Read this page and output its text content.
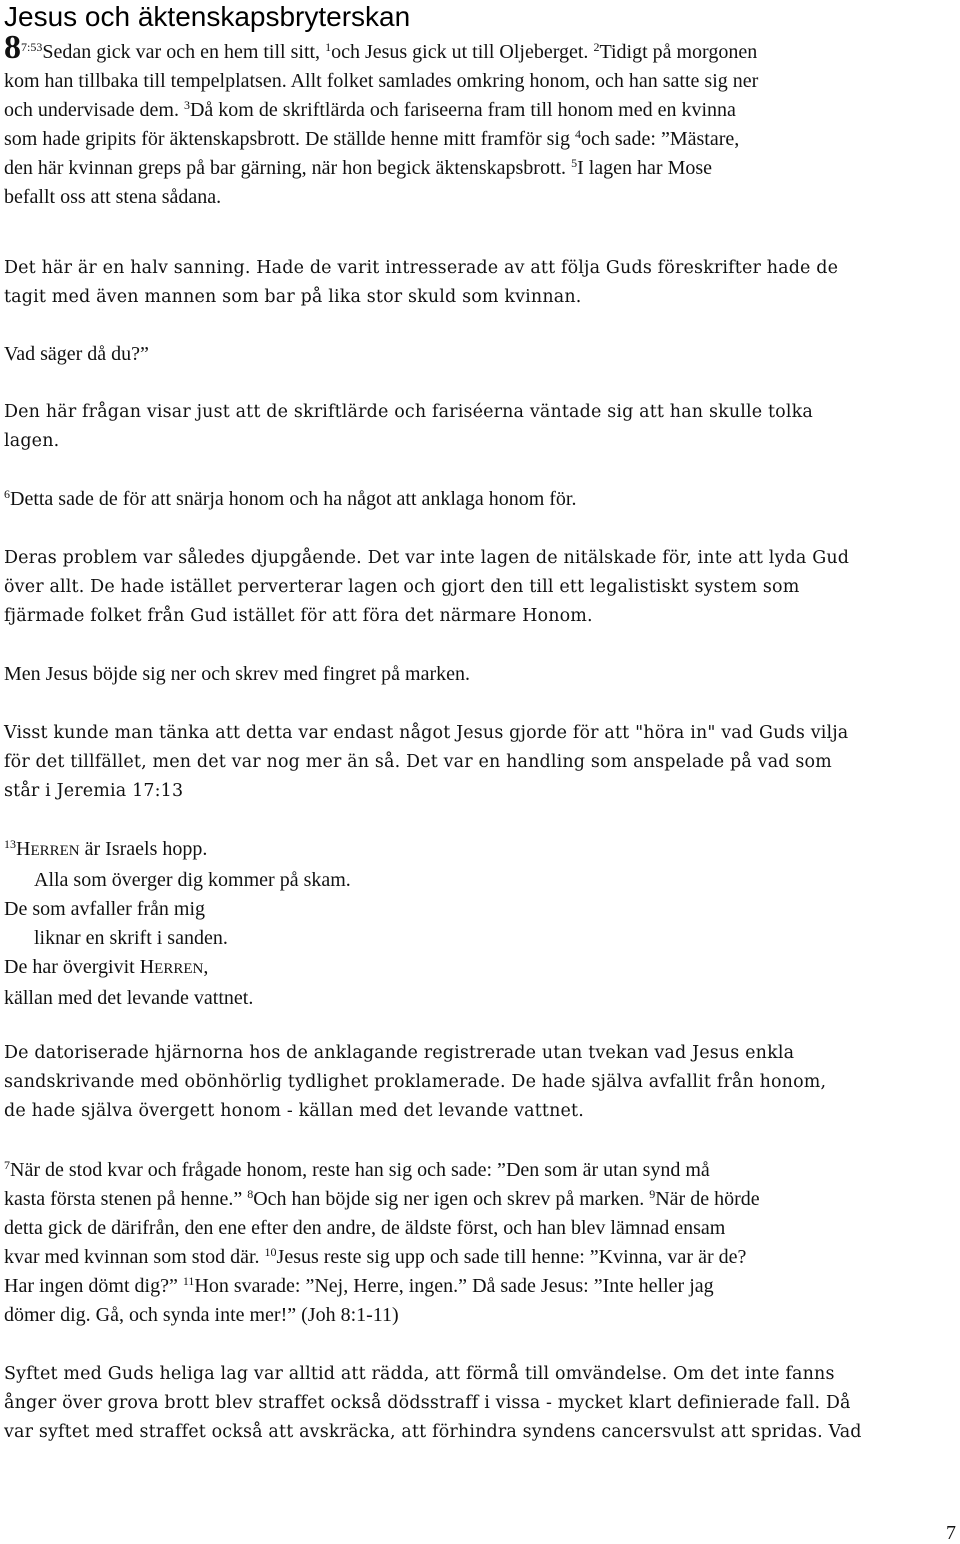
Jesus och äktenskapsbryterskan
$8^{7:53}Sedan$ gick var och en hem till sitt, $^1$och Jesus gick ut till Oljeberget. $^2$Tidigt på morgonen
kom han tillbaka till tempelplatsen. Allt folket samlades omkring honom, och han satte sig ner
och undervisade dem. $^3$Då kom de skriftlärda och fariseerna fram till honom med en kvinna
som hade gripits för äktenskapsbrott. De ställde henne mitt framför sig $^4$och sade: ”Mästare,
den här kvinnan greps på bar gärning, när hon begick äktenskapsbrott. $^5$I lagen har Mose
befallt oss att stena sådana.
Det här är en halv sanning. Hade de varit intresserade av att följa Guds föreskrifter hade de
tagit med även mannen som bar på lika stor skuld som kvinnan.
Vad säger då du?”
Den här frågan visar just att de skriftlärde och fariséerna väntade sig att han skulle tolka
lagen.
$^6$Detta sade de för att snärja honom och ha något att anklaga honom för.
Deras problem var således djupgående. Det var inte lagen de nitälskade för, inte att lyda Gud
över allt. De hade istället perverterar lagen och gjort den till ett legalistiskt system som
fjärmade folket från Gud istället för att föra det närmare Honom.
Men Jesus böjde sig ner och skrev med fingret på marken.
Visst kunde man tänka att detta var endast något Jesus gjorde för att "höra in" vad Guds vilja
för det tillfället, men det var nog mer än så. Det var en handling som anspelade på vad som
står i Jeremia 17:13
$^{13}$HERREN är Israels hopp.
Alla som överger dig kommer på skam.
De som avfaller från mig
liknar en skrift i sanden.
De har övergivit HERREN,
källan med det levande vattnet.
De datoriserade hjärnorna hos de anklagande registrerade utan tvekan vad Jesus enkla
sandskrivande med obönhörlig tydlighet proklamerade. De hade själva avfallit från honom,
de hade själva övergett honom - källan med det levande vattnet.
$^7$När de stod kvar och frågade honom, reste han sig och sade: ”Den som är utan synd må
kasta första stenen på henne.” $^8$Och han böjde sig ner igen och skrev på marken. $^9$När de hörde
detta gick de därifrån, den ene efter den andre, de äldste först, och han blev lämnad ensam
kvar med kvinnan som stod där. $^{10}$Jesus reste sig upp och sade till henne: ”Kvinna, var är de?
Har ingen dömt dig?” $^{11}$Hon svarade: ”Nej, Herre, ingen.” Då sade Jesus: ”Inte heller jag
dömer dig. Gå, och synda inte mer!” (Joh 8:1-11)
Syftet med Guds heliga lag var alltid att rädda, att förmå till omvändelse. Om det inte fanns
ånger över grova brott blev straffet också dödsstraff i vissa - mycket klart definierade fall. Då
var syftet med straffet också att avskräcka, att förhindra syndens cancersvulst att spridas. Vad
7
